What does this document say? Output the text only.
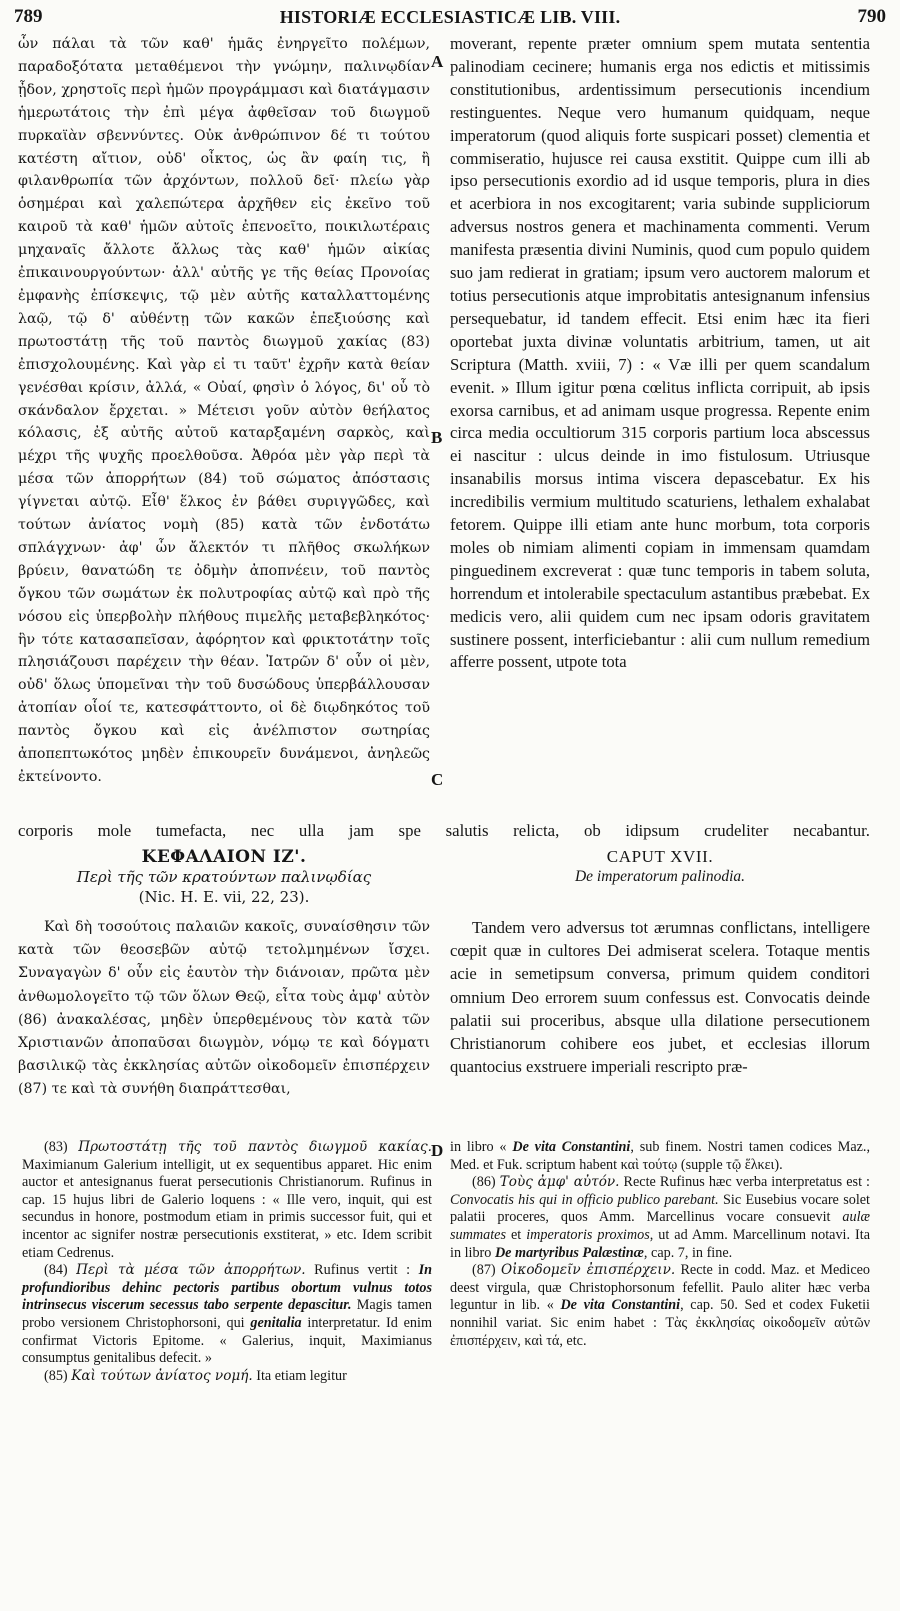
789	HISTORIÆ ECCLESIASTICÆ LIB. VIII.	790

ὧν πάλαι τὰ τῶν καθ' ἡμᾶς ἐνηργεῖτο πολέμων, παραδοξότατα μεταθέμενοι τὴν γνώμην, παλινῳδίαν ᾖδον, χρηστοῖς περὶ ἡμῶν προγράμμασι καὶ διατάγμασιν ἡμερωτάτοις τὴν ἐπὶ μέγα ἀφθεῖσαν τοῦ διωγμοῦ πυρκαϊὰν σβεννύντες. Οὐκ ἀνθρώπινον δέ τι τούτου κατέστη αἴτιον, οὐδ' οἶκτος, ὡς ἂν φαίη τις, ἢ φιλανθρωπία τῶν ἀρχόντων, πολλοῦ δεῖ· πλείω γὰρ ὁσημέραι καὶ χαλεπώτερα ἀρχῆθεν εἰς ἐκεῖνο τοῦ καιροῦ τὰ καθ' ἡμῶν αὐτοῖς ἐπενοεῖτο, ποικιλωτέραις μηχαναῖς ἄλλοτε ἄλλως τὰς καθ' ἡμῶν αἰκίας ἐπικαινουργούντων· ἀλλ' αὐτῆς γε τῆς θείας Προνοίας ἐμφανὴς ἐπίσκεψις, τῷ μὲν αὐτῆς καταλλαττομένης λαῷ, τῷ δ' αὐθέντῃ τῶν κακῶν ἐπεξιούσης καὶ πρωτοστάτῃ τῆς τοῦ παντὸς διωγμοῦ χακίας (83) ἐπισχολουμένης. Καὶ γὰρ εἰ τι ταῦτ' ἐχρῆν κατὰ θείαν γενέσθαι κρίσιν, ἀλλά, « Οὐαί, φησὶν ὁ λόγος, δι' οὗ τὸ σκάνδαλον ἔρχεται. » Μέτεισι γοῦν αὐτὸν θεήλατος κόλασις, ἐξ αὐτῆς αὐτοῦ καταρξαμένη σαρκὸς, καὶ μέχρι τῆς ψυχῆς προελθοῦσα. Ἀθρόα μὲν γὰρ περὶ τὰ μέσα τῶν ἀπορρήτων (84) τοῦ σώματος ἀπόστασις γίγνεται αὐτῷ. Εἶθ' ἕλκος ἐν βάθει συριγγῶδες, καὶ τούτων ἀνίατος νομὴ (85) κατὰ τῶν ἐνδοτάτω σπλάγχνων· ἀφ' ὧν ἄλεκτόν τι πλῆθος σκωλήκων βρύειν, θανατώδη τε ὀδμὴν ἀποπνέειν, τοῦ παντὸς ὄγκου τῶν σωμάτων ἐκ πολυτροφίας αὐτῷ καὶ πρὸ τῆς νόσου εἰς ὑπερβολὴν πλήθους πιμελῆς μεταβεβληκότος· ἣν τότε κατασαπεῖσαν, ἀφόρητον καὶ φρικτοτάτην τοῖς πλησιάζουσι παρέχειν τὴν θέαν. Ἰατρῶν δ' οὖν οἱ μὲν, οὐδ' ὅλως ὑπομεῖναι τὴν τοῦ δυσώδους ὑπερβάλλουσαν ἀτοπίαν οἷοί τε, κατεσφάττοντο, οἱ δὲ διῳδηκότος τοῦ παντὸς ὄγκου καὶ εἰς ἀνέλπιστον σωτηρίας ἀποπεπτωκότος μηδὲν ἐπικουρεῖν δυνάμενοι, ἀνηλεῶς ἐκτείνοντο.

moverant, repente præter omnium spem mutata sententia palinodiam cecinere; humanis erga nos edictis et mitissimis constitutionibus, ardentissimum persecutionis incendium restinguentes. Neque vero humanum quidquam, neque imperatorum (quod aliquis forte suspicari posset) clementia et commiseratio, hujusce rei causa exstitit. Quippe cum illi ab ipso persecutionis exordio ad id usque temporis, plura in dies et acerbiora in nos excogitarent; varia subinde suppliciorum adversus nostros genera et machinamenta commenti. Verum manifesta præsentia divini Numinis, quod cum populo quidem suo jam redierat in gratiam; ipsum vero auctorem malorum et totius persecutionis atque improbitatis antesignanum infensius persequebatur, id tandem effecit. Etsi enim hæc ita fieri oportebat juxta divinæ voluntatis arbitrium, tamen, ut ait Scriptura (Matth. xviii, 7) : « Væ illi per quem scandalum evenit. » Illum igitur pœna cœlitus inflicta corripuit, ab ipsis exorsa carnibus, et ad animam usque progressa. Repente enim circa media occultiorum 315 corporis partium loca abscessus ei nascitur : ulcus deinde in imo fistulosum. Utriusque insanabilis morsus intima viscera depascebatur. Ex his incredibilis vermium multitudo scaturiens, lethalem exhalabat fetorem. Quippe illi etiam ante hunc morbum, tota corporis moles ob nimiam alimenti copiam in immensam quamdam pinguedinem excreverat : quæ tunc temporis in tabem soluta, horrendum et intolerabile spectaculum astantibus præbebat. Ex medicis vero, alii quidem cum nec ipsam odoris gravitatem sustinere possent, interficiebantur : alii cum nullum remedium afferre possent, utpote tota

A
B
C
D
corporis mole tumefacta, nec ulla jam spe salutis relicta, ob idipsum crudeliter necabantur.
ΚΕΦΑΛΑΙΟΝ ΙΖ'.
Περὶ τῆς τῶν κρατούντων παλινῳδίας
(Nic. H. E. vii, 22, 23).
CAPUT XVII.
De imperatorum palinodia.

Καὶ δὴ τοσούτοις παλαιῶν κακοῖς, συναίσθησιν τῶν κατὰ τῶν θεοσεβῶν αὐτῷ τετολμημένων ἴσχει. Συναγαγὼν δ' οὖν εἰς ἑαυτὸν τὴν διάνοιαν, πρῶτα μὲν ἀνθωμολογεῖτο τῷ τῶν ὅλων Θεῷ, εἶτα τοὺς ἀμφ' αὐτὸν (86) ἀνακαλέσας, μηδὲν ὑπερθεμένους τὸν κατὰ τῶν Χριστιανῶν ἀποπαῦσαι διωγμὸν, νόμῳ τε καὶ δόγματι βασιλικῷ τὰς ἐκκλησίας αὐτῶν οἰκοδομεῖν ἐπισπέρχειν (87) τε καὶ τὰ συνήθη διαπράττεσθαι,

Tandem vero adversus tot ærumnas conflictans, intelligere cœpit quæ in cultores Dei admiserat scelera. Totaque mentis acie in semetipsum conversa, primum quidem conditori omnium Deo errorem suum confessus est. Convocatis deinde palatii sui proceribus, absque ulla dilatione persecutionem Christianorum cohibere eos jubet, et ecclesias illorum quantocius exstruere imperiali rescripto præ-

(83) Πρωτοστάτῃ τῆς τοῦ παντὸς διωγμοῦ κακίας. Maximianum Galerium intelligit, ut ex sequentibus apparet. Hic enim auctor et antesignanus fuerat persecutionis Christianorum. Rufinus in cap. 15 hujus libri de Galerio loquens : « Ille vero, inquit, qui est secundus in honore, postmodum etiam in primis successor fuit, qui et incentor ac signifer nostræ persecutionis exstiterat, » etc. Idem scribit etiam Cedrenus.

(84) Περὶ τὰ μέσα τῶν ἀπορρήτων. Rufinus vertit : In profundioribus dehinc pectoris partibus obortum vulnus totos intrinsecus viscerum secessus tabo serpente depascitur. Magis tamen probo versionem Christophorsoni, qui genitalia interpretatur. Id enim confirmat Victoris Epitome. « Galerius, inquit, Maximianus consumptus genitalibus defecit. »

(85) Καὶ τούτων ἀνίατος νομή. Ita etiam legitur

in libro « De vita Constantini, sub finem. Nostri tamen codices Maz., Med. et Fuk. scriptum habent καὶ τούτῳ (supple τῷ ἕλκει).

(86) Τοὺς ἀμφ' αὐτόν. Recte Rufinus hæc verba interpretatus est : Convocatis his qui in officio publico parebant. Sic Eusebius vocare solet palatii proceres, quos Amm. Marcellinus vocare consuevit aulæ summates et imperatoris proximos, ut ad Amm. Marcellinum notavi. Ita in libro De martyribus Palæstinæ, cap. 7, in fine.

(87) Οἰκοδομεῖν ἐπισπέρχειν. Recte in codd. Maz. et Mediceo deest virgula, quæ Christophorsonum fefellit. Paulo aliter hæc verba leguntur in lib. « De vita Constantini, cap. 50. Sed et codex Fuketii nonnihil variat. Sic enim habet : Τὰς ἐκκλησίας οἰκοδομεῖν αὐτῶν ἐπισπέρχειν, καὶ τά, etc.
